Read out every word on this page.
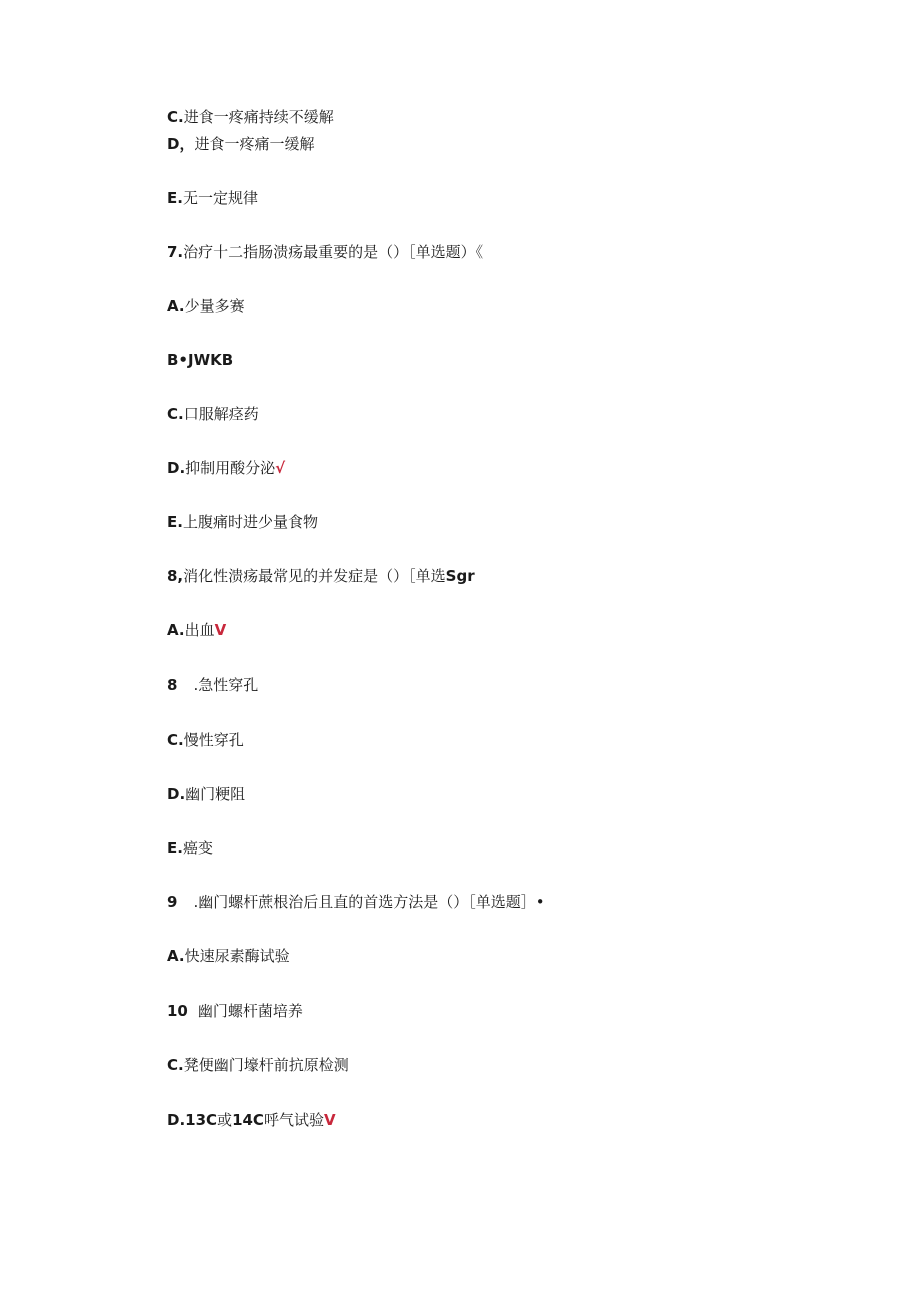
C.进食一疼痛持续不缓解
D，进食一疼痛一缓解
E.无一定规律
7.治疗十二指肠溃疡最重要的是（）［单选题）《
A.少量多赛
B•JWKB
C.口服解痉药
D.抑制用酸分泌√
E.上腹痛时进少量食物
8,消化性溃疡最常见的并发症是（）［单选Sgr
A.出血V
8 .急性穿孔
C.慢性穿孔
D.幽门粳阻
E.癌变
9 .幽门螺杆蔗根治后且直的首选方法是（）［单选题］•
A.快速尿素酶试验
10 幽门螺杆菌培养
C.凳便幽门壕杆前抗原检测
D.13C或14C呼气试验V
